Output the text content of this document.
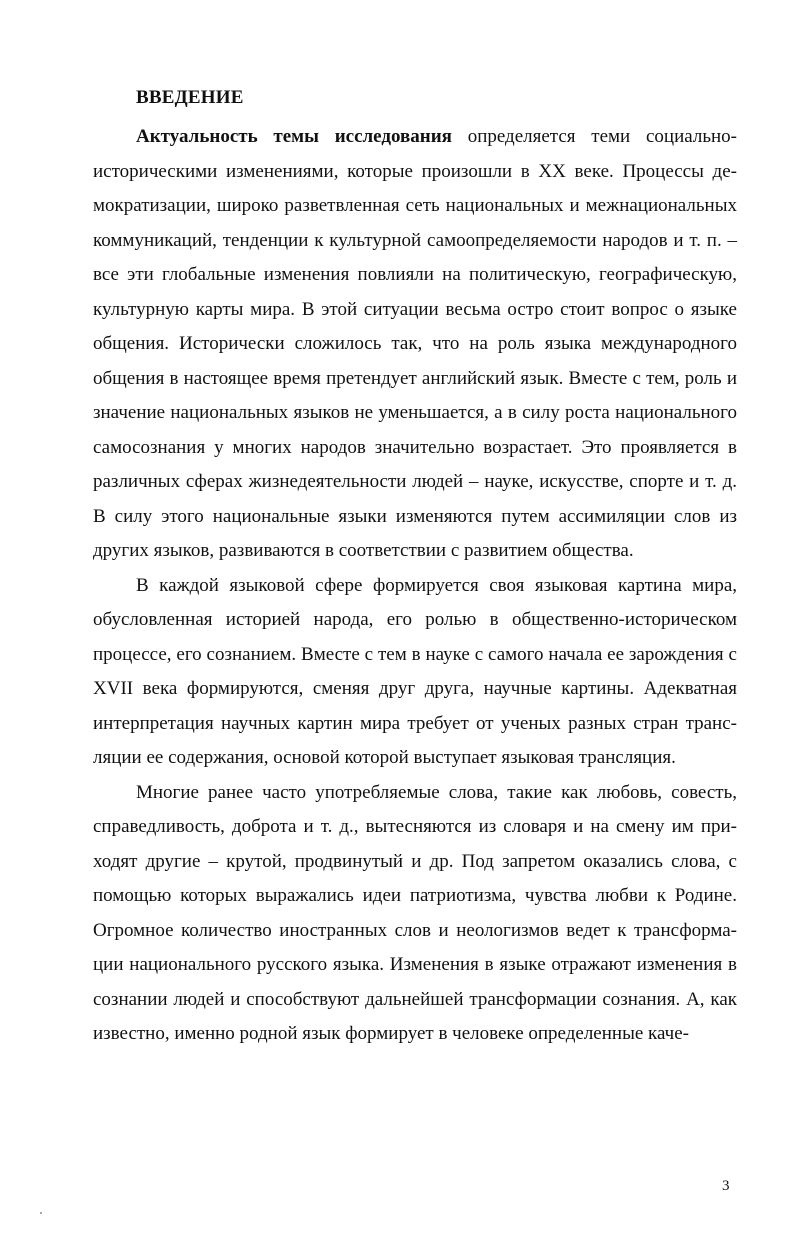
ВВЕДЕНИЕ

Актуальность темы исследования определяется теми социально-историческими изменениями, которые произошли в XX веке. Процессы демократизации, широко разветвленная сеть национальных и межнациональных коммуникаций, тенденции к культурной самоопределяемости народов и т. п. – все эти глобальные изменения повлияли на политическую, географическую, культурную карты мира. В этой ситуации весьма остро стоит вопрос о языке общения. Исторически сложилось так, что на роль языка международного общения в настоящее время претендует английский язык. Вместе с тем, роль и значение национальных языков не уменьшается, а в силу роста национального самосознания у многих народов значительно возрастает. Это проявляется в различных сферах жизнедеятельности людей – науке, искусстве, спорте и т. д. В силу этого национальные языки изменяются путем ассимиляции слов из других языков, развиваются в соответствии с развитием общества.

В каждой языковой сфере формируется своя языковая картина мира, обусловленная историей народа, его ролью в общественно-историческом процессе, его сознанием. Вместе с тем в науке с самого начала ее зарождения с XVII века формируются, сменяя друг друга, научные картины. Адекватная интерпретация научных картин мира требует от ученых разных стран трансляции ее содержания, основой которой выступает языковая трансляция.

Многие ранее часто употребляемые слова, такие как любовь, совесть, справедливость, доброта и т. д., вытесняются из словаря и на смену им приходят другие – крутой, продвинутый и др. Под запретом оказались слова, с помощью которых выражались идеи патриотизма, чувства любви к Родине. Огромное количество иностранных слов и неологизмов ведет к трансформации национального русского языка. Изменения в языке отражают изменения в сознании людей и способствуют дальнейшей трансформации сознания. А, как известно, именно родной язык формирует в человеке определенные каче-

3
